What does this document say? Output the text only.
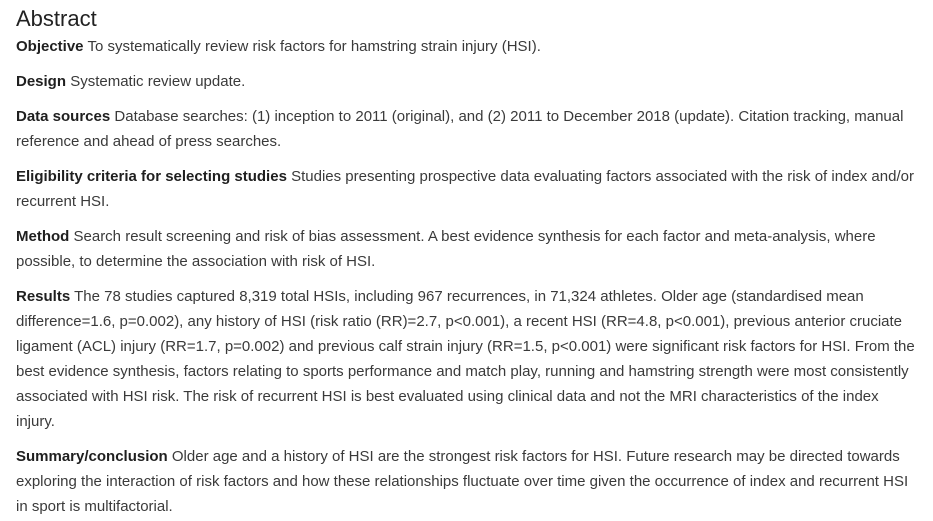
Abstract

Objective To systematically review risk factors for hamstring strain injury (HSI).

Design Systematic review update.

Data sources Database searches: (1) inception to 2011 (original), and (2) 2011 to December 2018 (update). Citation tracking, manual reference and ahead of press searches.

Eligibility criteria for selecting studies Studies presenting prospective data evaluating factors associated with the risk of index and/or recurrent HSI.

Method Search result screening and risk of bias assessment. A best evidence synthesis for each factor and meta-analysis, where possible, to determine the association with risk of HSI.

Results The 78 studies captured 8,319 total HSIs, including 967 recurrences, in 71,324 athletes. Older age (standardised mean difference=1.6, p=0.002), any history of HSI (risk ratio (RR)=2.7, p<0.001), a recent HSI (RR=4.8, p<0.001), previous anterior cruciate ligament (ACL) injury (RR=1.7, p=0.002) and previous calf strain injury (RR=1.5, p<0.001) were significant risk factors for HSI. From the best evidence synthesis, factors relating to sports performance and match play, running and hamstring strength were most consistently associated with HSI risk. The risk of recurrent HSI is best evaluated using clinical data and not the MRI characteristics of the index injury.

Summary/conclusion Older age and a history of HSI are the strongest risk factors for HSI. Future research may be directed towards exploring the interaction of risk factors and how these relationships fluctuate over time given the occurrence of index and recurrent HSI in sport is multifactorial.
